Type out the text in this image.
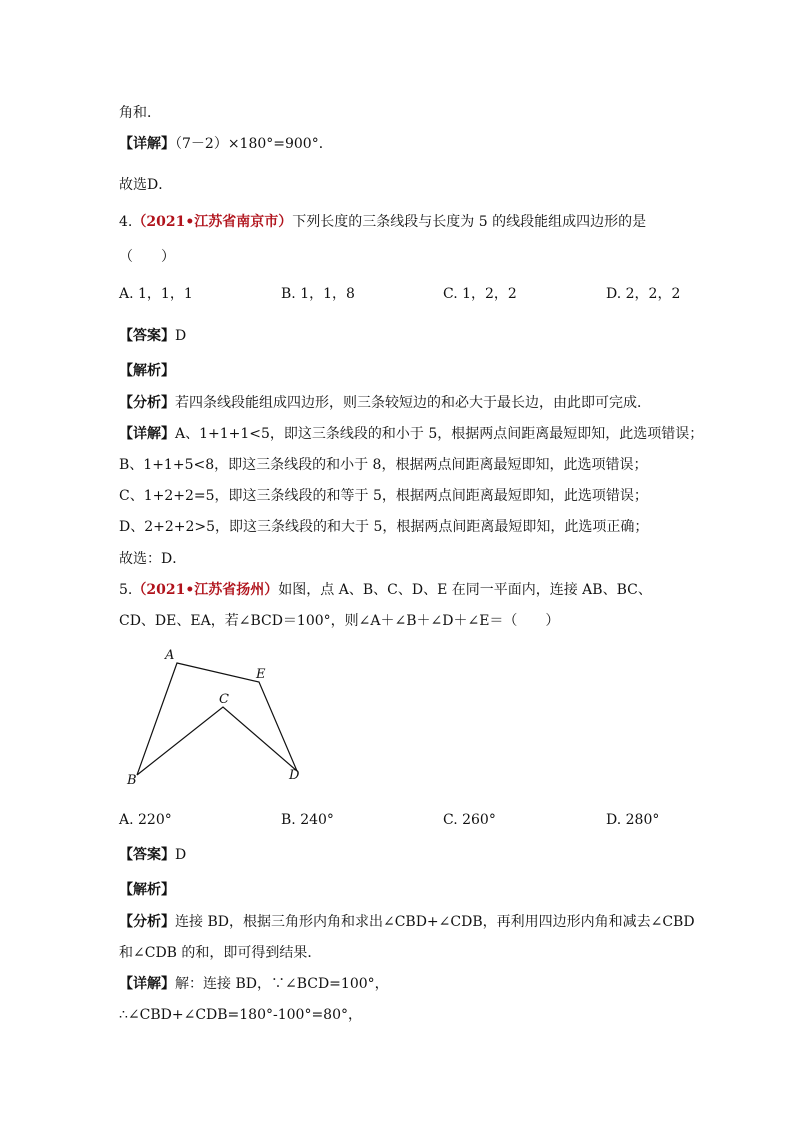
角和．
【详解】（7－2）×180°=900°．
故选D．
4.（2021•江苏省南京市）下列长度的三条线段与长度为 5 的线段能组成四边形的是
（　　）
A. 1，1，1	B. 1，1，8	C. 1，2，2	D. 2，2，2
【答案】D
【解析】
【分析】若四条线段能组成四边形，则三条较短边的和必大于最长边，由此即可完成．
【详解】A、1+1+1<5，即这三条线段的和小于 5，根据两点间距离最短即知，此选项错误；
B、1+1+5<8，即这三条线段的和小于 8，根据两点间距离最短即知，此选项错误；
C、1+2+2=5，即这三条线段的和等于 5，根据两点间距离最短即知，此选项错误；
D、2+2+2>5，即这三条线段的和大于 5，根据两点间距离最短即知，此选项正确；
故选：D．
5.（2021•江苏省扬州）如图，点 A、B、C、D、E 在同一平面内，连接 AB、BC、
CD、DE、EA，若∠BCD＝100°，则∠A＋∠B＋∠D＋∠E＝（　　）
A
E
C
B	D
A. 220°	B. 240°	C. 260°	D. 280°
【答案】D
【解析】
【分析】连接 BD，根据三角形内角和求出∠CBD+∠CDB，再利用四边形内角和减去∠CBD
和∠CDB 的和，即可得到结果．
【详解】解：连接 BD，∵∠BCD=100°，
∴∠CBD+∠CDB=180°-100°=80°，
